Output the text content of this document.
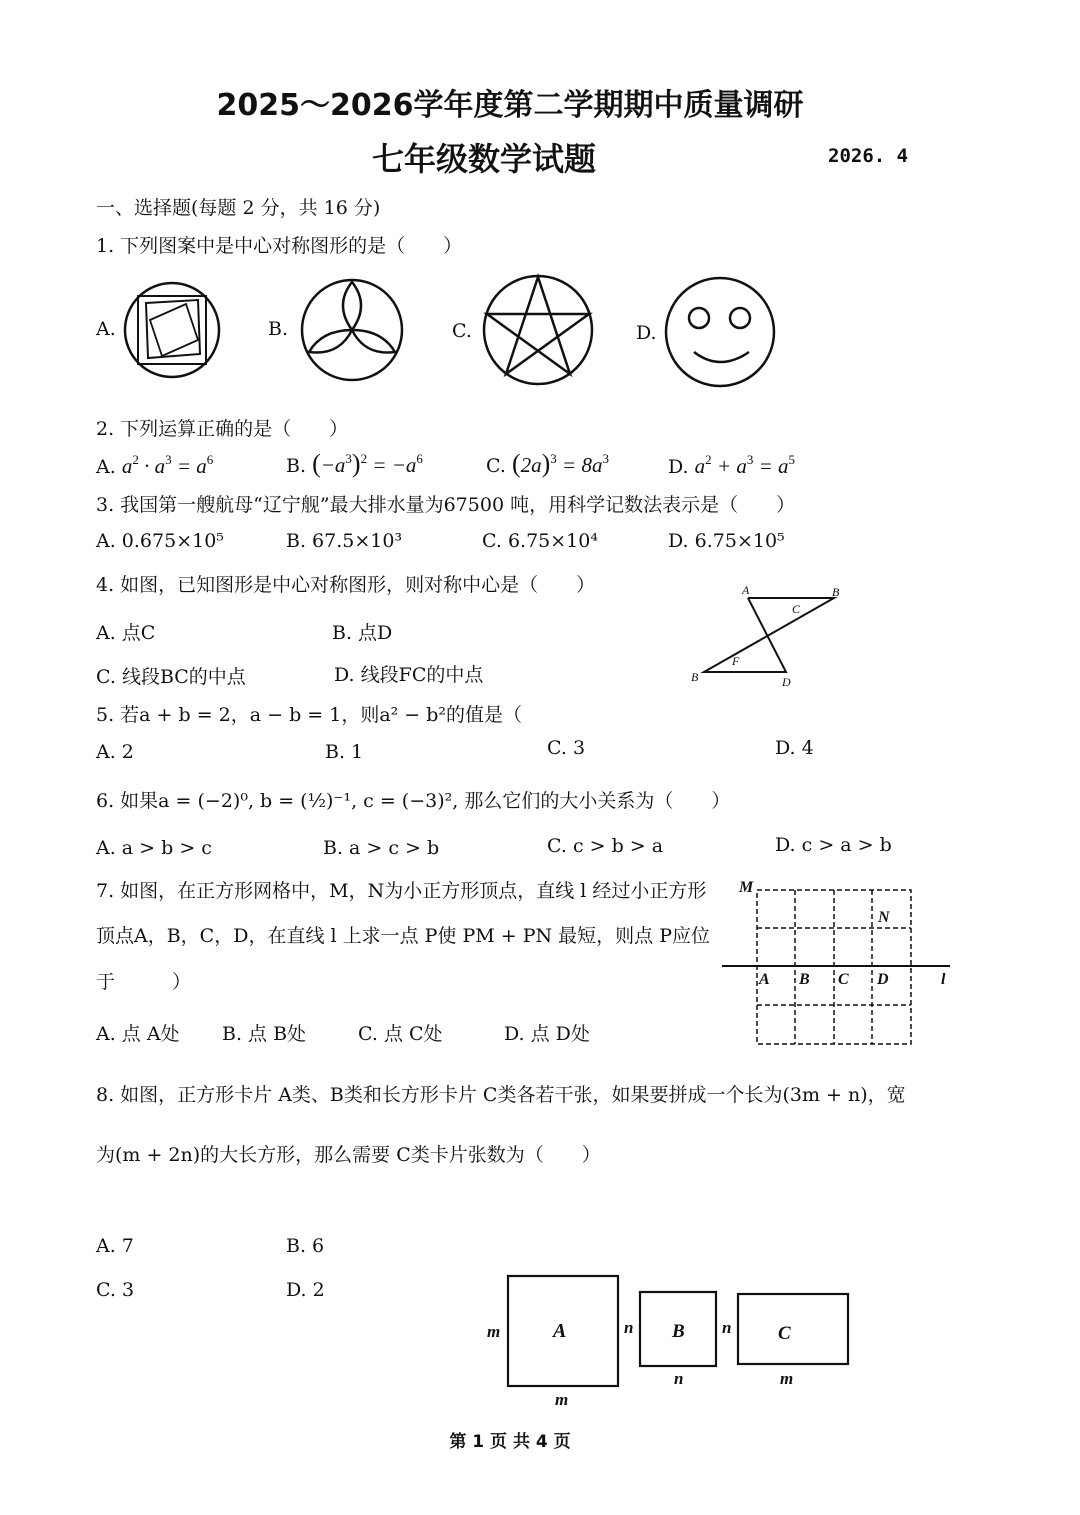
2025～2026学年度第二学期期中质量调研
七年级数学试题	2026. 4
一、选择题(每题 2 分，共 16 分)
1. 下列图案中是中心对称图形的是（　　）
A.	B.	C.	D.
A	B
C
F
B	D
M
N
A B C D	l
A	B	C
m
m
n
n
n
m
2. 下列运算正确的是（　　）
A. $a^2 \cdot a^3 = a^6$	B. $(-a^3)^2 = -a^6$	C. $(2a)^3 = 8a^3$	D. $a^2 + a^3 = a^5$
3. 我国第一艘航母“辽宁舰”最大排水量为67500 吨，用科学记数法表示是（　　）
A. 0.675×10⁵	B. 67.5×10³	C. 6.75×10⁴	D. 6.75×10⁵
4. 如图，已知图形是中心对称图形，则对称中心是（　　）
A. 点C	B. 点D
C. 线段BC的中点	D. 线段FC的中点
5. 若a + b = 2，a − b = 1，则a² − b²的值是（
A. 2	B. 1	C. 3	D. 4
6. 如果a = (−2)⁰, b = (½)⁻¹, c = (−3)², 那么它们的大小关系为（　　）
A. a > b > c	B. a > c > b	C. c > b > a	D. c > a > b
7. 如图，在正方形网格中，M，N为小正方形顶点，直线 l 经过小正方形
顶点A，B，C，D，在直线 l 上求一点 P使 PM + PN 最短，则点 P应位
于　　　）
A. 点 A处 B. 点 B处	C. 点 C处	D. 点 D处
8. 如图，正方形卡片 A类、B类和长方形卡片 C类各若干张，如果要拼成一个长为(3m + n)，宽
为(m + 2n)的大长方形，那么需要 C类卡片张数为（　　）
A. 7	B. 6
C. 3	D. 2
第 1 页 共 4 页
